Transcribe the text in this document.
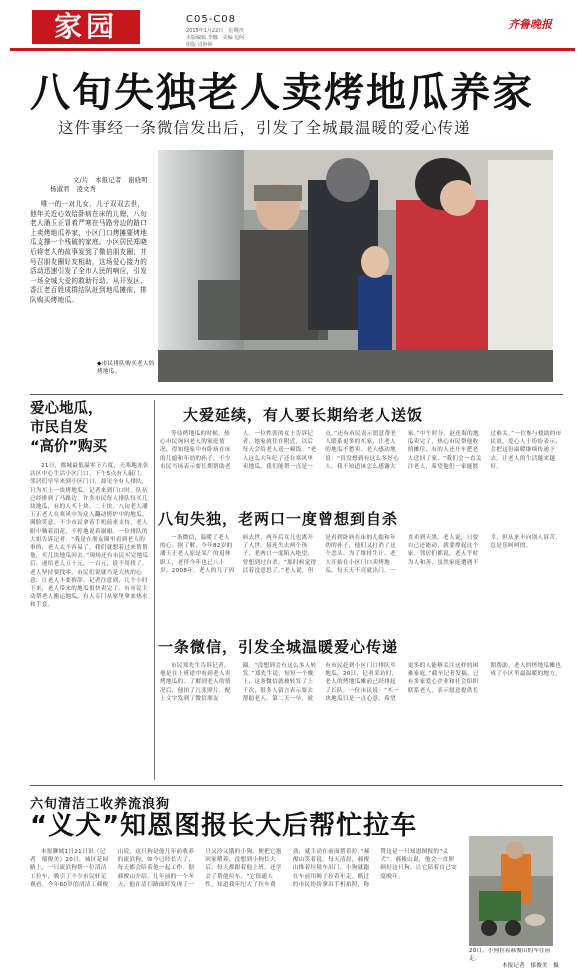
家园	C05-C08
2015年1月22日　星期四
本版编辑 李娜　美编 边阿
组版 肖婷婷
齐鲁晚报
八旬失独老人卖烤地瓜养家
这件事经一条微信发出后，引发了全城最温暖的爱心传递
文/片　本报记者　谢晓明
杨淑君　凌文秀

唯一的一对儿女、儿子双双去世，他年关近心效给卧病在床的儿媳，八旬老人潘玉正冒着严寒在马路旁边的路口上卖烤地瓜养家，小区门口烤摊要烤地瓜支撑一个残破的家庭。小区居民郑晓后将老人的故事发到了微信朋友圈，并号召朋友圈好友相助，这场爱心接力的活动迅速引发了全市人民的响应，引发一场全城大爱的救助行动。从开发区、香江老百姓成群结队赶到地瓜摊前，排队购买烤地瓜。

◆市民排队购买老人的烤地瓜。
爱心地瓜，
市民自发
“高价”购买

21日，都城最低温零下六度，天寒地冻张店区中心生活小区门口。下午5点有人敲门，邻居们早早来到小区门口，却见全有人排队，只为买上一块烤地瓜。记者来到门口时，队伍已经排到了马路边。许多市民每人排队每买几块地瓜，有的人买十块、二十块。八旬老人潘玉正老人在寒风中为众人翻动烤炉中的地瓜，满脸笑意。不少市民拿着手机前来支持，老人眼中噙着泪花，不停地说着谢谢。一位排队的大姐告诉记者：“我是在朋友圈里看到老人的事的，老人太不容易了，我们就想着过来帮帮他，买几块地瓜回去。”现场还有市民买完地瓜后，递给老人五十元、一百元，说不用找了。老人坚持要找零，市民们说就当是大伙的心意，让老人不要推辞。记者注意到，几个小时下来，老人带来的地瓜很快卖完了。有市民主动帮老人搬运地瓜，有人专门从家里拿来热水和手套。

大爱延续，有人要长期给老人送饭

等待烤地瓜的时候，热心市民询问老人的家庭情况，得知他家中有卧病在床的儿媳和年幼的孙子，不少市民当场表示要长期帮助老人。一位姓张的女士告诉记者，她家就住在附近，以后每天会给老人送一顿饭。“老人这么大年纪了还在寒风里卖地瓜，我们能帮一点是一点。”还有市民表示愿意帮老人联系更多的买家，让老人的地瓜不愁卖。老人感动地说：“真没想到有这么多好心人，我不知道该怎么感谢大家。”中午时分，赵连海的地瓜卖完了，热心市民帮他收拾摊位，有的人还开车把老人送回了家。“我们会一直关注老人，希望他们一家能渡过难关。”一位参与救助的市民说。爱心人士纷纷表示，会把这份温暖继续传递下去，让老人的生活越来越好。

八旬失独，老两口一度曾想到自杀

一条微信，温暖了老人的心。据了解，今年82岁的潘玉正老人原是某厂的退休职工，老伴今年也已八十岁。2008年，老人的儿子因病去世，两年后女儿也离开了人世。接连失去两个孩子，老两口一度陷入绝望，曾想到过自杀。“那时候觉得活着没意思了。”老人说，但是看到卧病在床的儿媳和年幼的孙子，他们又打消了这个念头。为了维持生计，老人开始在小区门口卖烤地瓜，每天天不亮就出门，一直卖到天黑。老人说，只要自己还能动，就要撑起这个家。邻居们都说，老人平时为人和善，虽然家庭遭遇不幸，但从来不向别人诉苦，总是乐呵呵的。

一条微信，引发全城温暖爱心传递

市民郑先生告诉记者，他是在上班途中看到老人卖烤地瓜的。了解到老人的情况后，他拍了几张照片，配上文字发到了微信朋友圈。“没想到会有这么多人转发。”郑先生说，短短一个晚上，这条微信就被转发了上千次，很多人留言表示要去帮助老人。第二天一早，就有市民赶到小区门口排队买地瓜。20日，记者采访时，老人的烤地瓜摊前已经排起了长队。一位市民说：“买一块地瓜只是一点心意，希望更多的人能够关注这样的困难家庭。”截至记者发稿，已有多家爱心企业和社会组织联系老人，表示愿意提供长期帮助。老人的烤地瓜摊也成了小区里最温暖的地方。

六旬清洁工收养流浪狗
“义犬”知恩图报长大后帮忙拉车

本报聊城1月21日讯（记者　郁俊美）20日，城区花园路上，一只流浪狗帮一位清洁工拉车，吸引了不少市民驻足观看。今年60岁的清洁工郝俊山说，这只狗是他几年前收养的流浪狗，如今已经长大了，每天都会陪着他一起工作。据郝俊山介绍，几年前的一个冬天，他在清扫路面时发现了一只又冷又饿的小狗，便把它抱回家喂养。没想到小狗长大后，每天都跟着他上班，还学会了帮他拉车。“它很通人性，知道我年纪大了拉车费劲，就主动在前面帮着拉。”郝俊山笑着说。每天清晨，郝俊山推着垃圾车出门，小狗就跑在车前用绳子拉着车走。路过的市民纷纷拿出手机拍照，称赞这是一只知恩图报的“义犬”。郝俊山说，他会一直照顾好这只狗，让它陪着自己安度晚年。

20日，小狗拉着郝俊山的车往前走。
本报记者　郁俊美　摄
